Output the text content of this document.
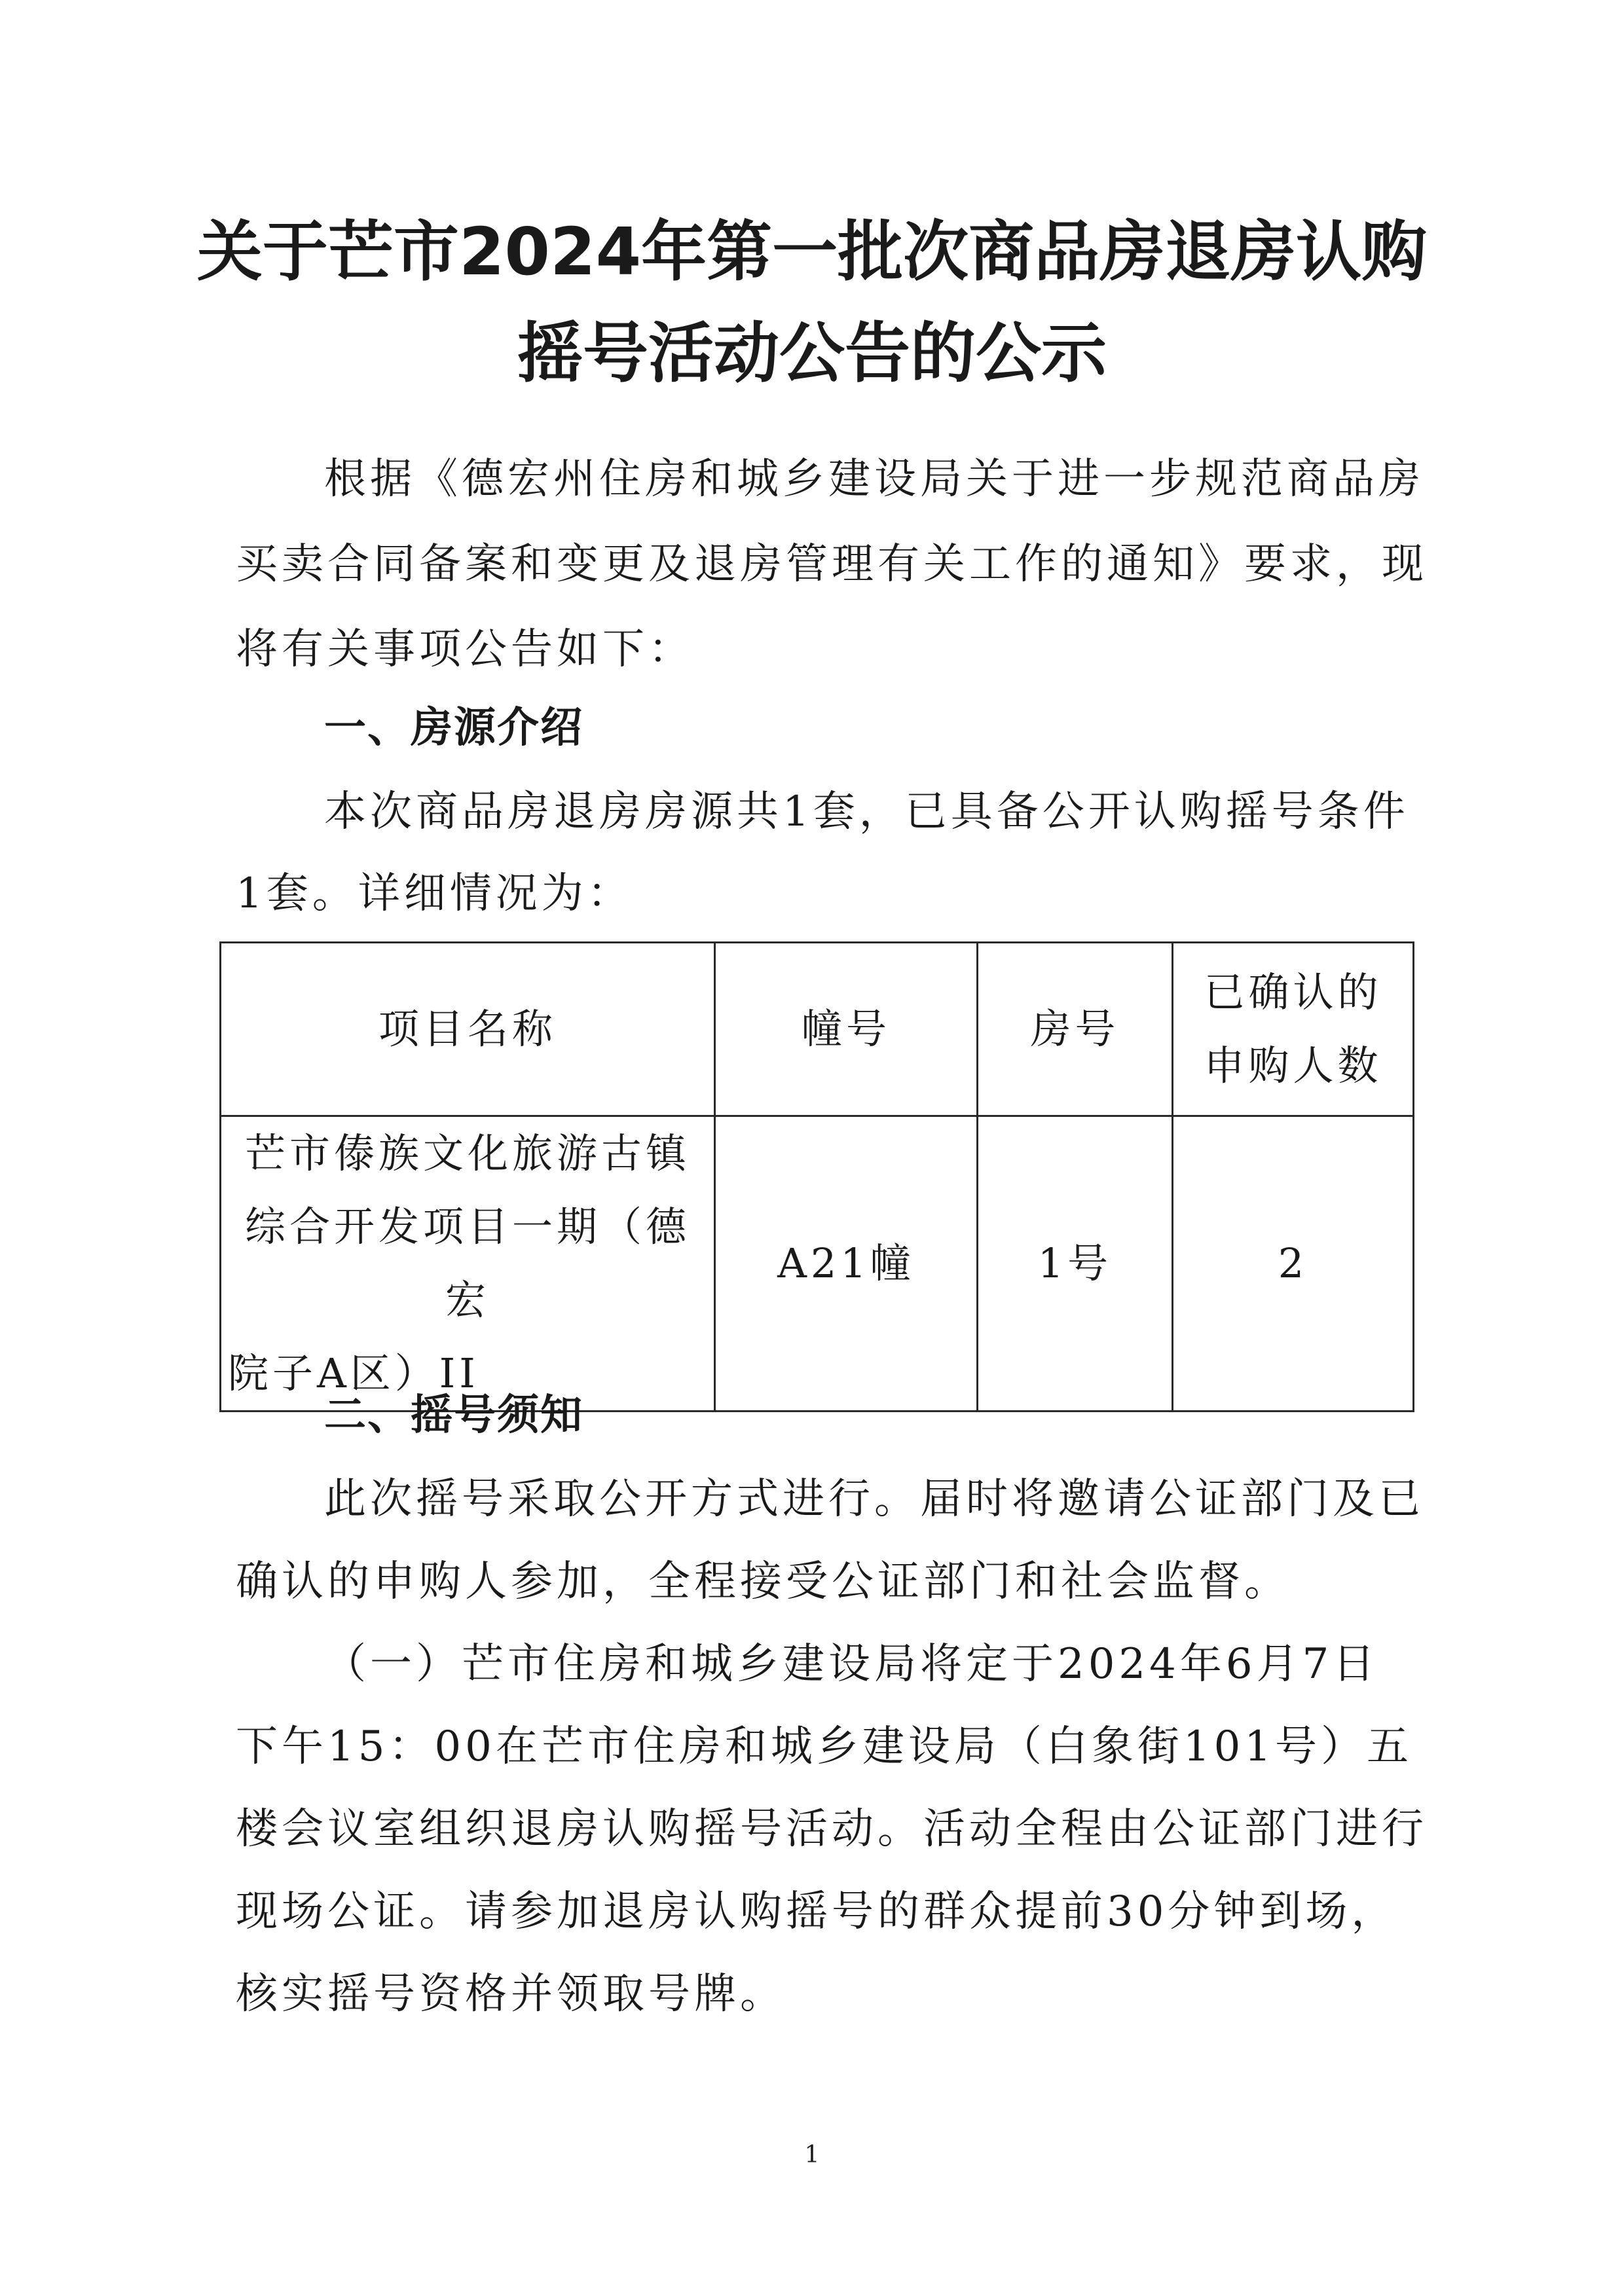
关于芒市2024年第一批次商品房退房认购
摇号活动公告的公示
根据《德宏州住房和城乡建设局关于进一步规范商品房
买卖合同备案和变更及退房管理有关工作的通知》要求，现
将有关事项公告如下：
一、房源介绍
本次商品房退房房源共1套，已具备公开认购摇号条件
1套。详细情况为：
项目名称	幢号	房号	已确认的
申购人数

芒市傣族文化旅游古镇
综合开发项目一期（德宏
院子A区）II	A21幢	1号	2
二、摇号须知
此次摇号采取公开方式进行。届时将邀请公证部门及已
确认的申购人参加，全程接受公证部门和社会监督。
（一）芒市住房和城乡建设局将定于2024年6月7日
下午15：00在芒市住房和城乡建设局（白象街101号）五
楼会议室组织退房认购摇号活动。活动全程由公证部门进行
现场公证。请参加退房认购摇号的群众提前30分钟到场，
核实摇号资格并领取号牌。
1
